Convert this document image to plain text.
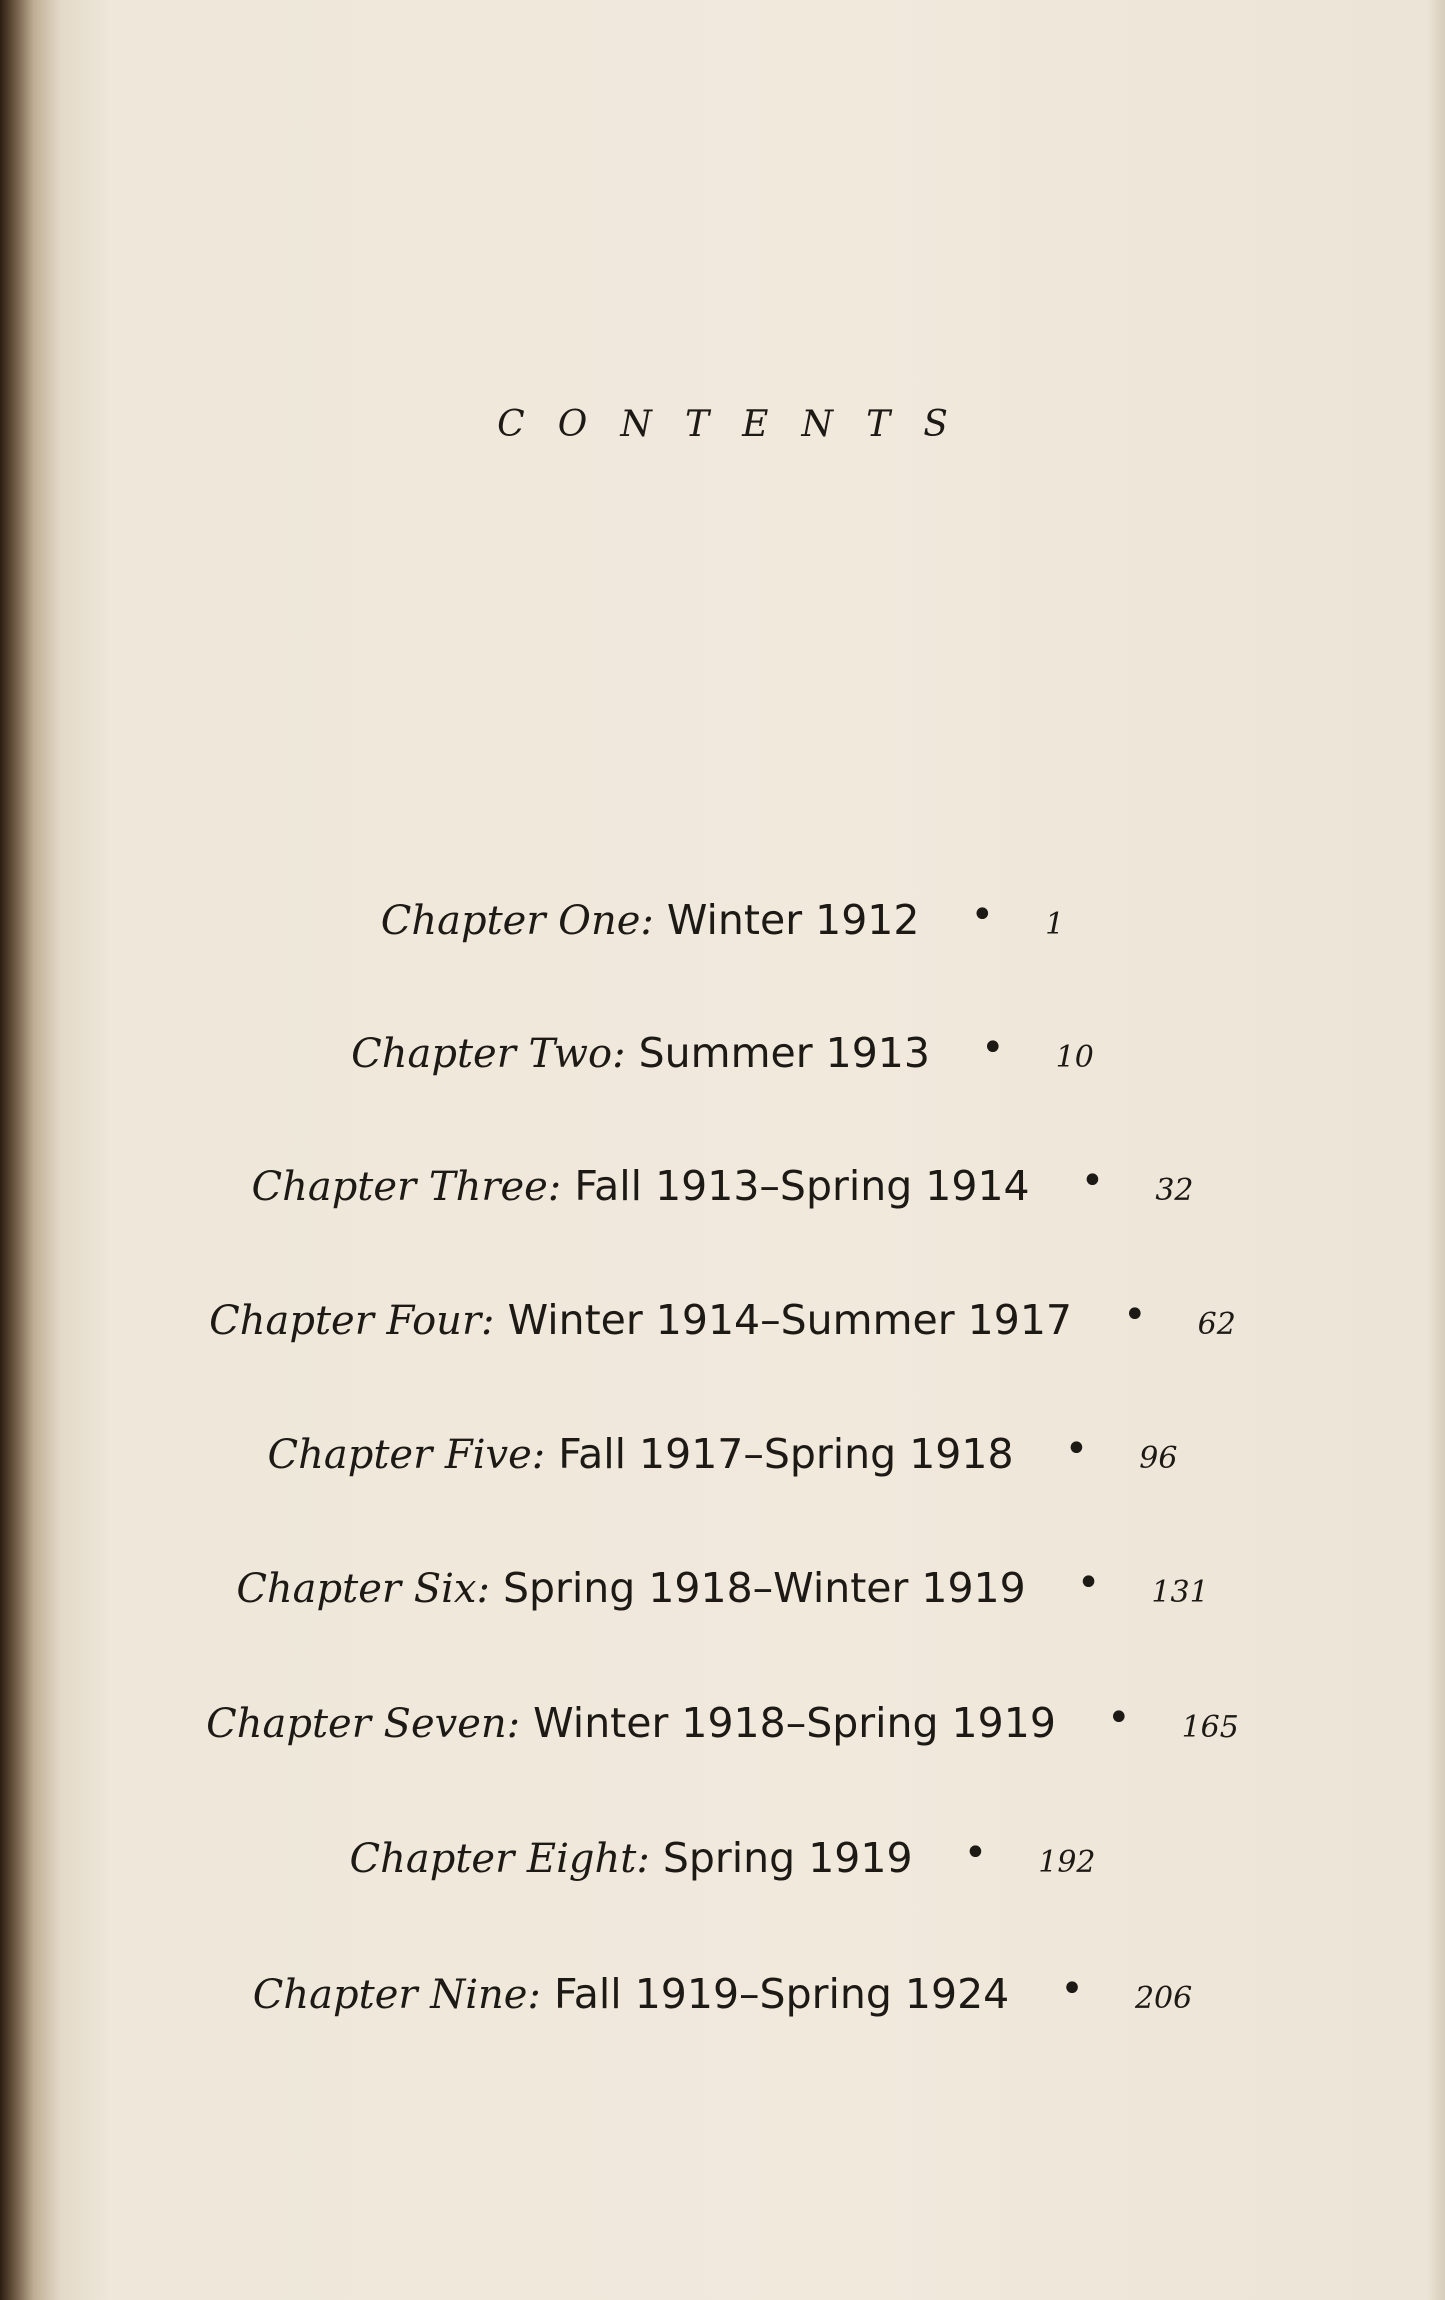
CONTENTS
Chapter One: Winter 1912 • 1
Chapter Two: Summer 1913 • 10
Chapter Three: Fall 1913–Spring 1914 • 32
Chapter Four: Winter 1914–Summer 1917 • 62
Chapter Five: Fall 1917–Spring 1918 • 96
Chapter Six: Spring 1918–Winter 1919 • 131
Chapter Seven: Winter 1918–Spring 1919 • 165
Chapter Eight: Spring 1919 • 192
Chapter Nine: Fall 1919–Spring 1924 • 206
